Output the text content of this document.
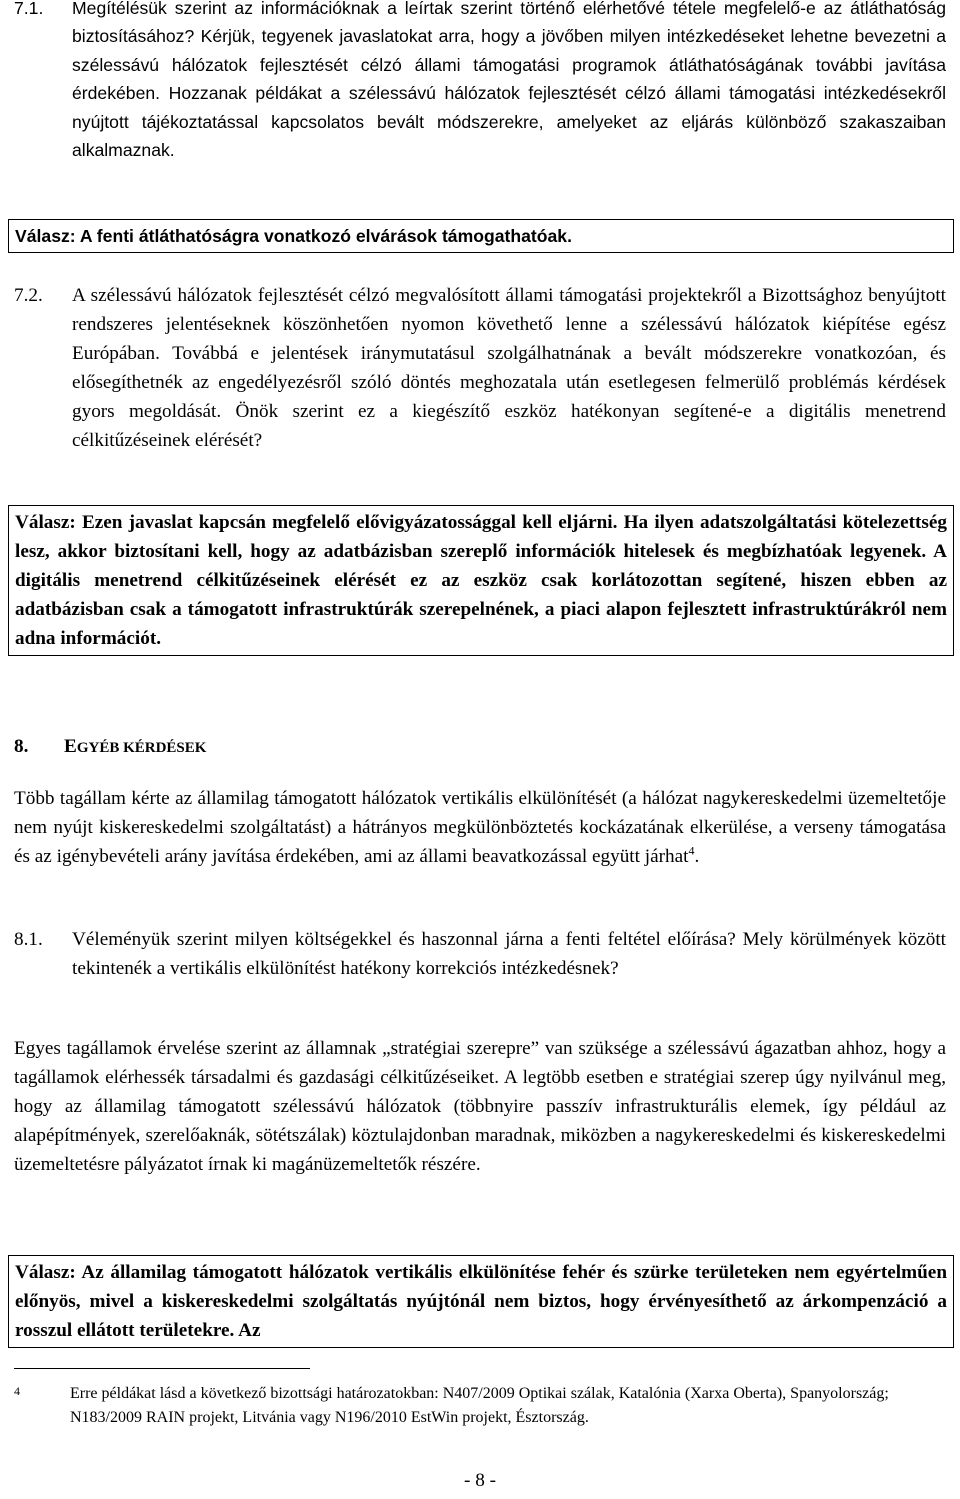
7.1.	Megítélésük szerint az információknak a leírtak szerint történő elérhetővé tétele megfelelő-e az átláthatóság biztosításához? Kérjük, tegyenek javaslatokat arra, hogy a jövőben milyen intézkedéseket lehetne bevezetni a szélessávú hálózatok fejlesztését célzó állami támogatási programok átláthatóságának további javítása érdekében. Hozzanak példákat a szélessávú hálózatok fejlesztését célzó állami támogatási intézkedésekről nyújtott tájékoztatással kapcsolatos bevált módszerekre, amelyeket az eljárás különböző szakaszaiban alkalmaznak.

Válasz: A fenti átláthatóságra vonatkozó elvárások támogathatóak.

7.2.	A szélessávú hálózatok fejlesztését célzó megvalósított állami támogatási projektekről a Bizottsághoz benyújtott rendszeres jelentéseknek köszönhetően nyomon követhető lenne a szélessávú hálózatok kiépítése egész Európában. Továbbá e jelentések iránymutatásul szolgálhatnának a bevált módszerekre vonatkozóan, és elősegíthetnék az engedélyezésről szóló döntés meghozatala után esetlegesen felmerülő problémás kérdések gyors megoldását. Önök szerint ez a kiegészítő eszköz hatékonyan segítené-e a digitális menetrend célkitűzéseinek elérését?

Válasz: Ezen javaslat kapcsán megfelelő elővigyázatossággal kell eljárni. Ha ilyen adatszolgáltatási kötelezettség lesz, akkor biztosítani kell, hogy az adatbázisban szereplő információk hitelesek és megbízhatóak legyenek. A digitális menetrend célkitűzéseinek elérését ez az eszköz csak korlátozottan segítené, hiszen ebben az adatbázisban csak a támogatott infrastruktúrák szerepelnének, a piaci alapon fejlesztett infrastruktúrákról nem adna információt.

8. EGYÉB KÉRDÉSEK

Több tagállam kérte az államilag támogatott hálózatok vertikális elkülönítését (a hálózat nagykereskedelmi üzemeltetője nem nyújt kiskereskedelmi szolgáltatást) a hátrányos megkülönböztetés kockázatának elkerülése, a verseny támogatása és az igénybevételi arány javítása érdekében, ami az állami beavatkozással együtt járhat$^4$.

8.1.	Véleményük szerint milyen költségekkel és haszonnal járna a fenti feltétel előírása? Mely körülmények között tekintenék a vertikális elkülönítést hatékony korrekciós intézkedésnek?

Egyes tagállamok érvelése szerint az államnak „stratégiai szerepre” van szüksége a szélessávú ágazatban ahhoz, hogy a tagállamok elérhessék társadalmi és gazdasági célkitűzéseiket. A legtöbb esetben e stratégiai szerep úgy nyilvánul meg, hogy az államilag támogatott szélessávú hálózatok (többnyire passzív infrastrukturális elemek, így például az alapépítmények, szerelőaknák, sötétszálak) köztulajdonban maradnak, miközben a nagykereskedelmi és kiskereskedelmi üzemeltetésre pályázatot írnak ki magánüzemeltetők részére.

Válasz: Az államilag támogatott hálózatok vertikális elkülönítése fehér és szürke területeken nem egyértelműen előnyös, mivel a kiskereskedelmi szolgáltatás nyújtónál nem biztos, hogy érvényesíthető az árkompenzáció a rosszul ellátott területekre. Az

4	Erre példákat lásd a következő bizottsági határozatokban: N407/2009 Optikai szálak, Katalónia (Xarxa Oberta), Spanyolország; N183/2009 RAIN projekt, Litvánia vagy N196/2010 EstWin projekt, Észtország.
- 8 -
